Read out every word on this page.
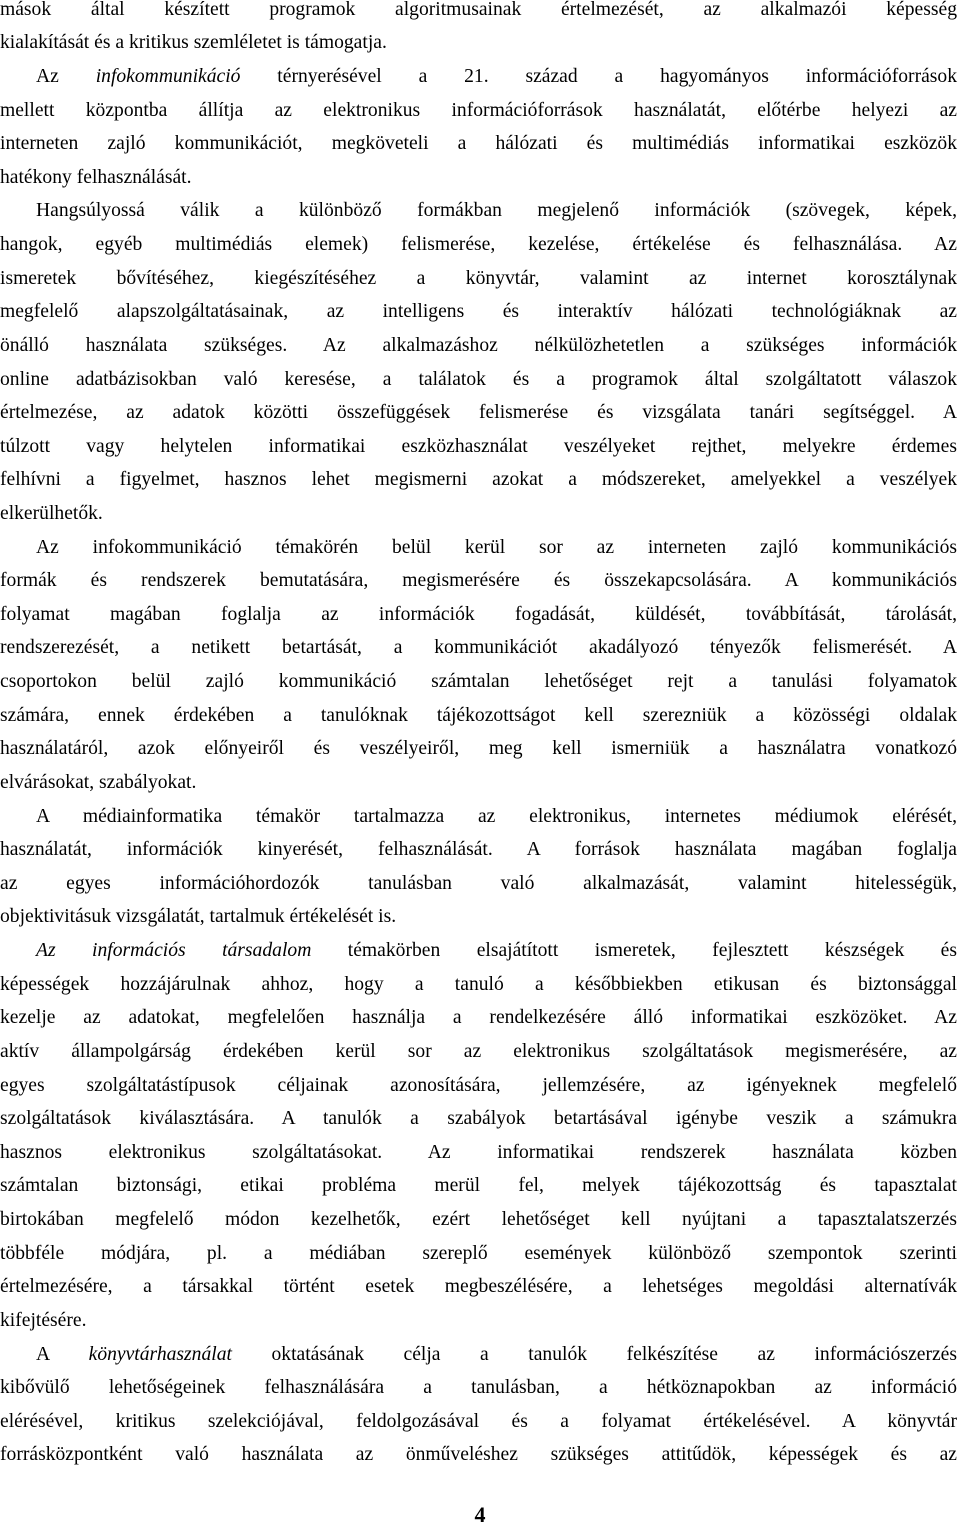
mások által készített programok algoritmusainak értelmezését, az alkalmazói képesség
kialakítását és a kritikus szemléletet is támogatja.
Az infokommunikáció térnyerésével a 21. század a hagyományos információforrások
mellett központba állítja az elektronikus információforrások használatát, előtérbe helyezi az
interneten zajló kommunikációt, megköveteli a hálózati és multimédiás informatikai eszközök
hatékony felhasználását.
Hangsúlyossá válik a különböző formákban megjelenő információk (szövegek, képek,
hangok, egyéb multimédiás elemek) felismerése, kezelése, értékelése és felhasználása. Az
ismeretek bővítéséhez, kiegészítéséhez a könyvtár, valamint az internet korosztálynak
megfelelő alapszolgáltatásainak, az intelligens és interaktív hálózati technológiáknak az
önálló használata szükséges. Az alkalmazáshoz nélkülözhetetlen a szükséges információk
online adatbázisokban való keresése, a találatok és a programok által szolgáltatott válaszok
értelmezése, az adatok közötti összefüggések felismerése és vizsgálata tanári segítséggel. A
túlzott vagy helytelen informatikai eszközhasználat veszélyeket rejthet, melyekre érdemes
felhívni a figyelmet, hasznos lehet megismerni azokat a módszereket, amelyekkel a veszélyek
elkerülhetők.
Az infokommunikáció témakörén belül kerül sor az interneten zajló kommunikációs
formák és rendszerek bemutatására, megismerésére és összekapcsolására. A kommunikációs
folyamat magában foglalja az információk fogadását, küldését, továbbítását, tárolását,
rendszerezését, a netikett betartását, a kommunikációt akadályozó tényezők felismerését. A
csoportokon belül zajló kommunikáció számtalan lehetőséget rejt a tanulási folyamatok
számára, ennek érdekében a tanulóknak tájékozottságot kell szerezniük a közösségi oldalak
használatáról, azok előnyeiről és veszélyeiről, meg kell ismerniük a használatra vonatkozó
elvárásokat, szabályokat.
A médiainformatika témakör tartalmazza az elektronikus, internetes médiumok elérését,
használatát, információk kinyerését, felhasználását. A források használata magában foglalja
az egyes információhordozók tanulásban való alkalmazását, valamint hitelességük,
objektivitásuk vizsgálatát, tartalmuk értékelését is.
Az információs társadalom témakörben elsajátított ismeretek, fejlesztett készségek és
képességek hozzájárulnak ahhoz, hogy a tanuló a későbbiekben etikusan és biztonsággal
kezelje az adatokat, megfelelően használja a rendelkezésére álló informatikai eszközöket. Az
aktív állampolgárság érdekében kerül sor az elektronikus szolgáltatások megismerésére, az
egyes szolgáltatástípusok céljainak azonosítására, jellemzésére, az igényeknek megfelelő
szolgáltatások kiválasztására. A tanulók a szabályok betartásával igénybe veszik a számukra
hasznos elektronikus szolgáltatásokat. Az informatikai rendszerek használata közben
számtalan biztonsági, etikai probléma merül fel, melyek tájékozottság és tapasztalat
birtokában megfelelő módon kezelhetők, ezért lehetőséget kell nyújtani a tapasztalatszerzés
többféle módjára, pl. a médiában szereplő események különböző szempontok szerinti
értelmezésére, a társakkal történt esetek megbeszélésére, a lehetséges megoldási alternatívák
kifejtésére.
A könyvtárhasználat oktatásának célja a tanulók felkészítése az információszerzés
kibővülő lehetőségeinek felhasználására a tanulásban, a hétköznapokban az információ
elérésével, kritikus szelekciójával, feldolgozásával és a folyamat értékelésével. A könyvtár
forrásközpontként való használata az önműveléshez szükséges attitűdök, képességek és az
4
